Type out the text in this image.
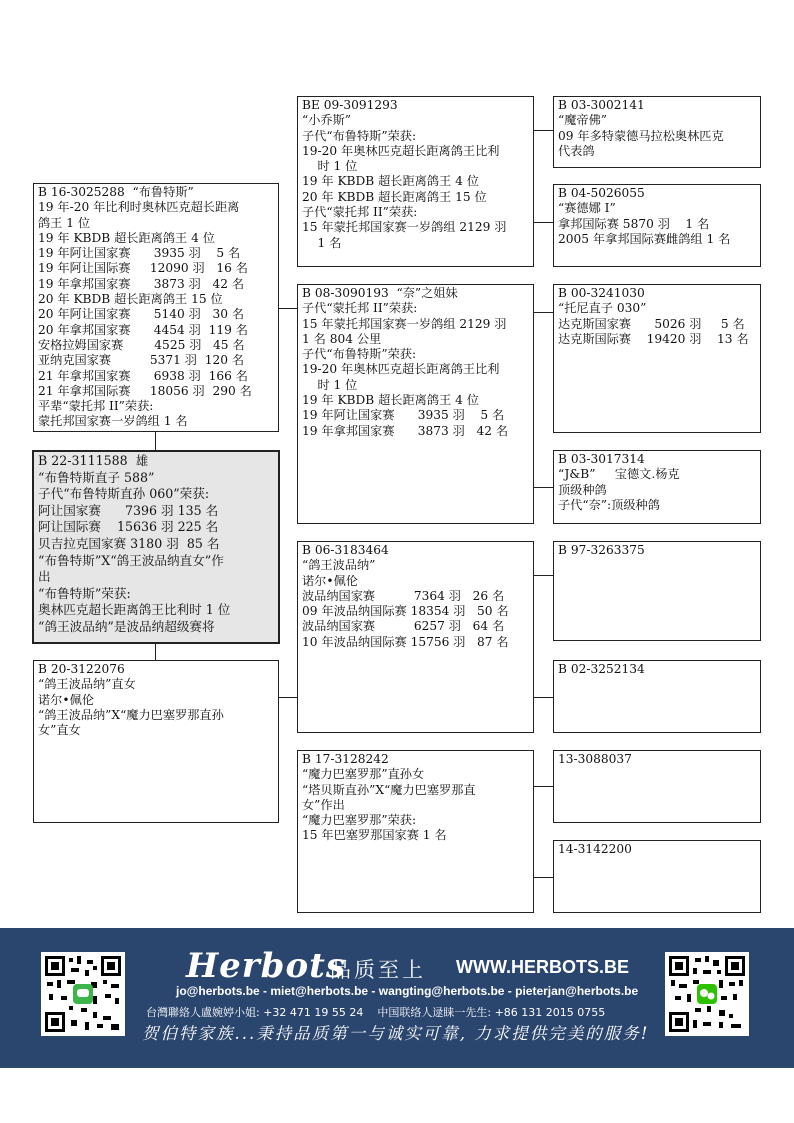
B 16-3025288  “布鲁特斯”
19 年-20 年比利时奥林匹克超长距离
鸽王 1 位
19 年 KBDB 超长距离鸽王 4 位
19 年阿让国家赛      3935 羽    5 名
19 年阿让国际赛     12090 羽   16 名
19 年拿邦国家赛      3873 羽   42 名
20 年 KBDB 超长距离鸽王 15 位
20 年阿让国家赛      5140 羽   30 名
20 年拿邦国家赛      4454 羽  119 名
安格拉姆国家赛        4525 羽   45 名
亚纳克国家赛          5371 羽  120 名
21 年拿邦国家赛      6938 羽  166 名
21 年拿邦国际赛     18056 羽  290 名
平辈“蒙托邦 II”荣获:
蒙托邦国家赛一岁鸽组 1 名
B 22-3111588  雄
“布鲁特斯直子 588”
子代“布鲁特斯直孙 060”荣获:
阿让国家赛      7396 羽 135 名
阿让国际赛    15636 羽 225 名
贝吉拉克国家赛 3180 羽  85 名
“布鲁特斯”X“鸽王波品纳直女”作
出
“布鲁特斯”荣获:
奥林匹克超长距离鸽王比利时 1 位
“鸽王波品纳”是波品纳超级赛将
B 20-3122076
“鸽王波品纳”直女
诺尔•佩伦
“鸽王波品纳”X“魔力巴塞罗那直孙
女”直女
BE 09-3091293
“小乔斯”
子代“布鲁特斯”荣获:
19-20 年奥林匹克超长距离鸽王比利
时 1 位
19 年 KBDB 超长距离鸽王 4 位
20 年 KBDB 超长距离鸽王 15 位
子代“蒙托邦 II”荣获:
15 年蒙托邦国家赛一岁鸽组 2129 羽
1 名
B 08-3090193  “奈”之姐妹
子代“蒙托邦 II”荣获:
15 年蒙托邦国家赛一岁鸽组 2129 羽
1 名 804 公里
子代“布鲁特斯”荣获:
19-20 年奥林匹克超长距离鸽王比利
时 1 位
19 年 KBDB 超长距离鸽王 4 位
19 年阿让国家赛      3935 羽    5 名
19 年拿邦国家赛      3873 羽   42 名
B 06-3183464
“鸽王波品纳”
诺尔•佩伦
波品纳国家赛          7364 羽   26 名
09 年波品纳国际赛 18354 羽   50 名
波品纳国家赛          6257 羽   64 名
10 年波品纳国际赛 15756 羽   87 名
B 17-3128242
“魔力巴塞罗那”直孙女
“塔贝斯直孙”X“魔力巴塞罗那直
女”作出
“魔力巴塞罗那”荣获:
15 年巴塞罗那国家赛 1 名
B 03-3002141
“魔帝佛”
09 年多特蒙德马拉松奥林匹克
代表鸽
B 04-5026055
“赛德娜 I”
拿邦国际赛 5870 羽    1 名
2005 年拿邦国际赛雌鸽组 1 名
B 00-3241030
“托尼直子 030”
达克斯国家赛      5026 羽     5 名
达克斯国际赛    19420 羽    13 名
B 03-3017314
“J&B”     宝德文.杨克
顶级种鸽
子代“奈”:顶级种鸽
B 97-3263375
B 02-3252134
13-3088037
14-3142200
Herbots
品质至上 WWW.HERBOTS.BE
jo@herbots.be - miet@herbots.be - wangting@herbots.be - pieterjan@herbots.be
台灣聯絡人盧婉婷小姐: +32 471 19 55 24 中国联络人逯睐一先生: +86 131 2015 0755
贺伯特家族...秉持品质第一与诚实可靠, 力求提供完美的服务!
